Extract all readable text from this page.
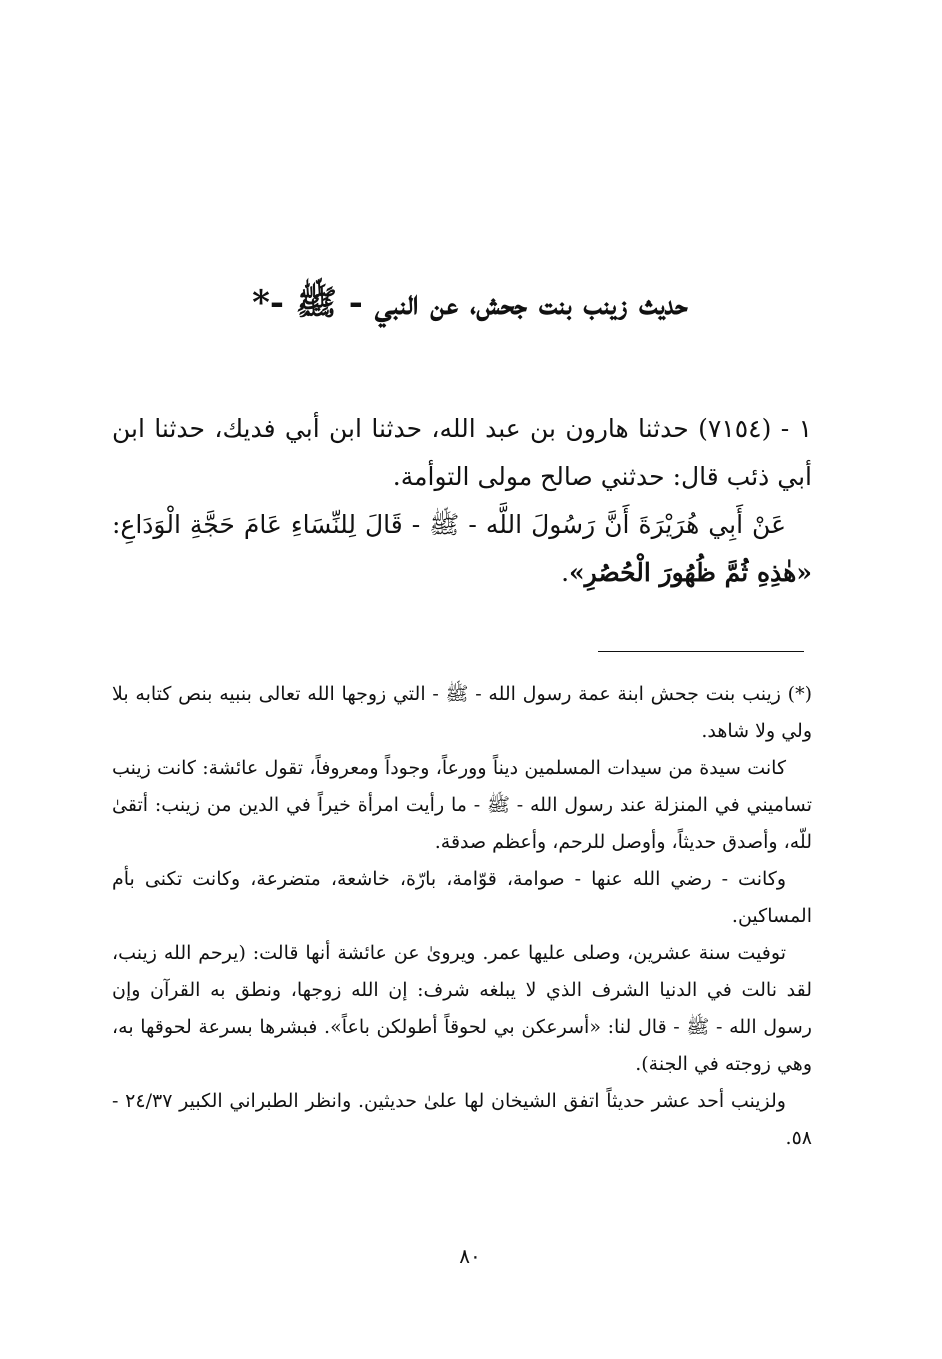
حديث زينب بنت جحش، عن النبي - ﷺ -*

١ - (٧١٥٤) حدثنا هارون بن عبد الله، حدثنا ابن أبي فديك، حدثنا ابن أبي ذئب قال: حدثني صالح مولى التوأمة.

عَنْ أَبِي هُرَيْرَةَ أَنَّ رَسُولَ اللَّه - ﷺ - قَالَ لِلنِّسَاءِ عَامَ حَجَّةِ الْوَدَاعِ: «هٰذِهِ ثُمَّ ظُهُورَ الْحُصُرِ».

(*) زينب بنت جحش ابنة عمة رسول الله - ﷺ - التي زوجها الله تعالى بنبيه بنص كتابه بلا ولي ولا شاهد.

كانت سيدة من سيدات المسلمين ديناً وورعاً، وجوداً ومعروفاً، تقول عائشة: كانت زينب تساميني في المنزلة عند رسول الله - ﷺ - ما رأيت امرأة خيراً في الدين من زينب: أتقىٰ للّه، وأصدق حديثاً، وأوصل للرحم، وأعظم صدقة.

وكانت - رضي الله عنها - صوامة، قوّامة، بارّة، خاشعة، متضرعة، وكانت تكنى بأم المساكين.

توفيت سنة عشرين، وصلى عليها عمر. ويروىٰ عن عائشة أنها قالت: (يرحم الله زينب، لقد نالت في الدنيا الشرف الذي لا يبلغه شرف: إن الله زوجها، ونطق به القرآن وإن رسول الله - ﷺ - قال لنا: «أسرعكن بي لحوقاً أطولكن باعاً». فبشرها بسرعة لحوقها به، وهي زوجته في الجنة).

ولزينب أحد عشر حديثاً اتفق الشيخان لها علىٰ حديثين. وانظر الطبراني الكبير ٢٤/٣٧ - ٥٨.

٨٠
